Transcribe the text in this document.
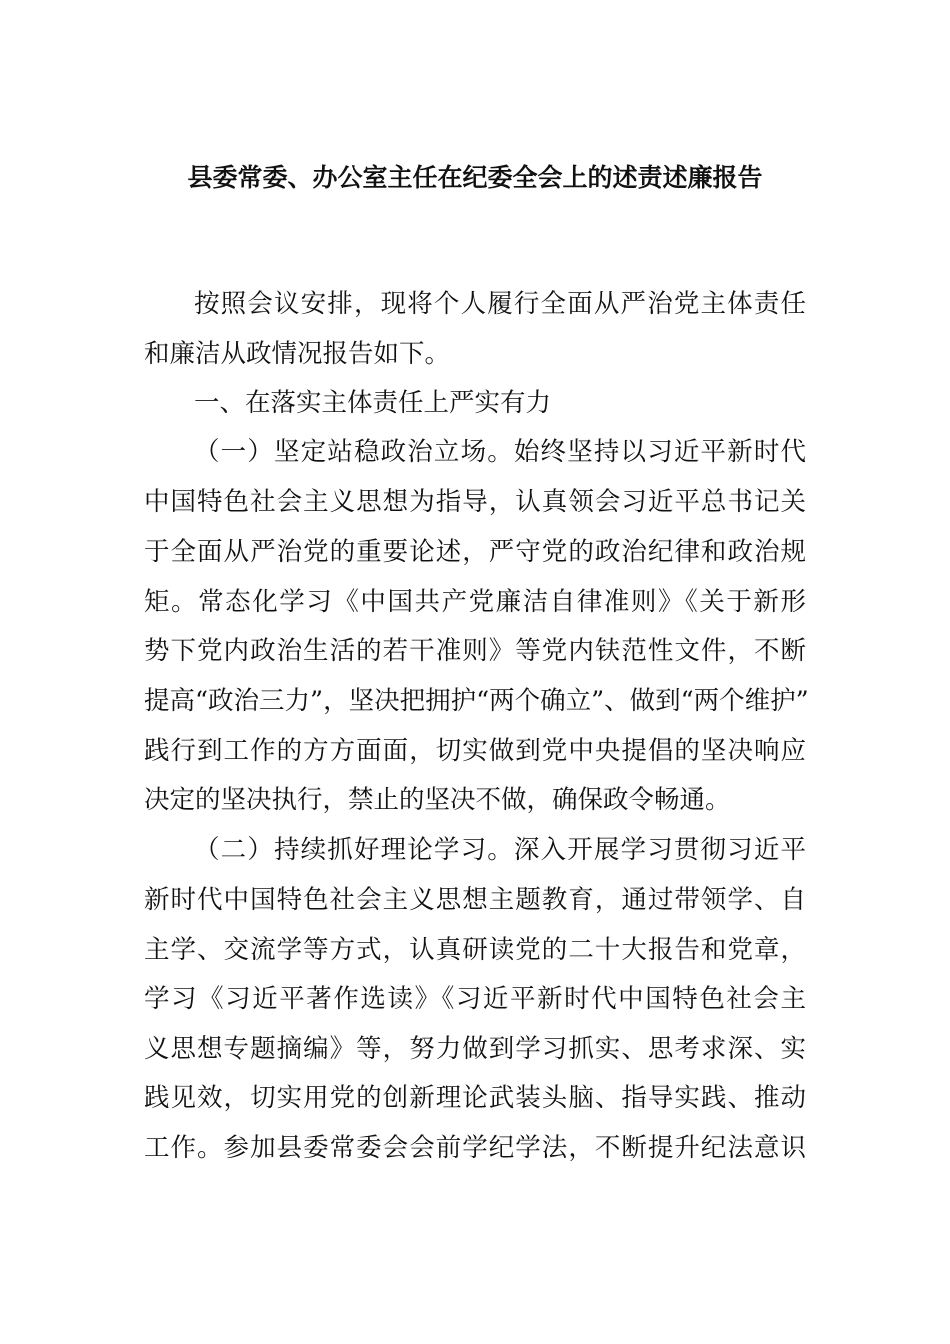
县委常委、办公室主任在纪委全会上的述责述廉报告
按照会议安排，现将个人履行全面从严治党主体责任
和廉洁从政情况报告如下。
一、在落实主体责任上严实有力
（一）坚定站稳政治立场。始终坚持以习近平新时代
中国特色社会主义思想为指导，认真领会习近平总书记关
于全面从严治党的重要论述，严守党的政治纪律和政治规
矩。常态化学习《中国共产党廉洁自律准则》《关于新形
势下党内政治生活的若干准则》等党内𫓧范性文件，不断
提高“政治三力”，坚决把拥护“两个确立”、做到“两个维护”
践行到工作的方方面面，切实做到党中央提倡的坚决响应
决定的坚决执行，禁止的坚决不做，确保政令畅通。
（二）持续抓好理论学习。深入开展学习贯彻习近平
新时代中国特色社会主义思想主题教育，通过带领学、自
主学、交流学等方式，认真研读党的二十大报告和党章，
学习《习近平著作选读》《习近平新时代中国特色社会主
义思想专题摘编》等，努力做到学习抓实、思考求深、实
践见效，切实用党的创新理论武装头脑、指导实践、推动
工作。参加县委常委会会前学纪学法，不断提升纪法意识
